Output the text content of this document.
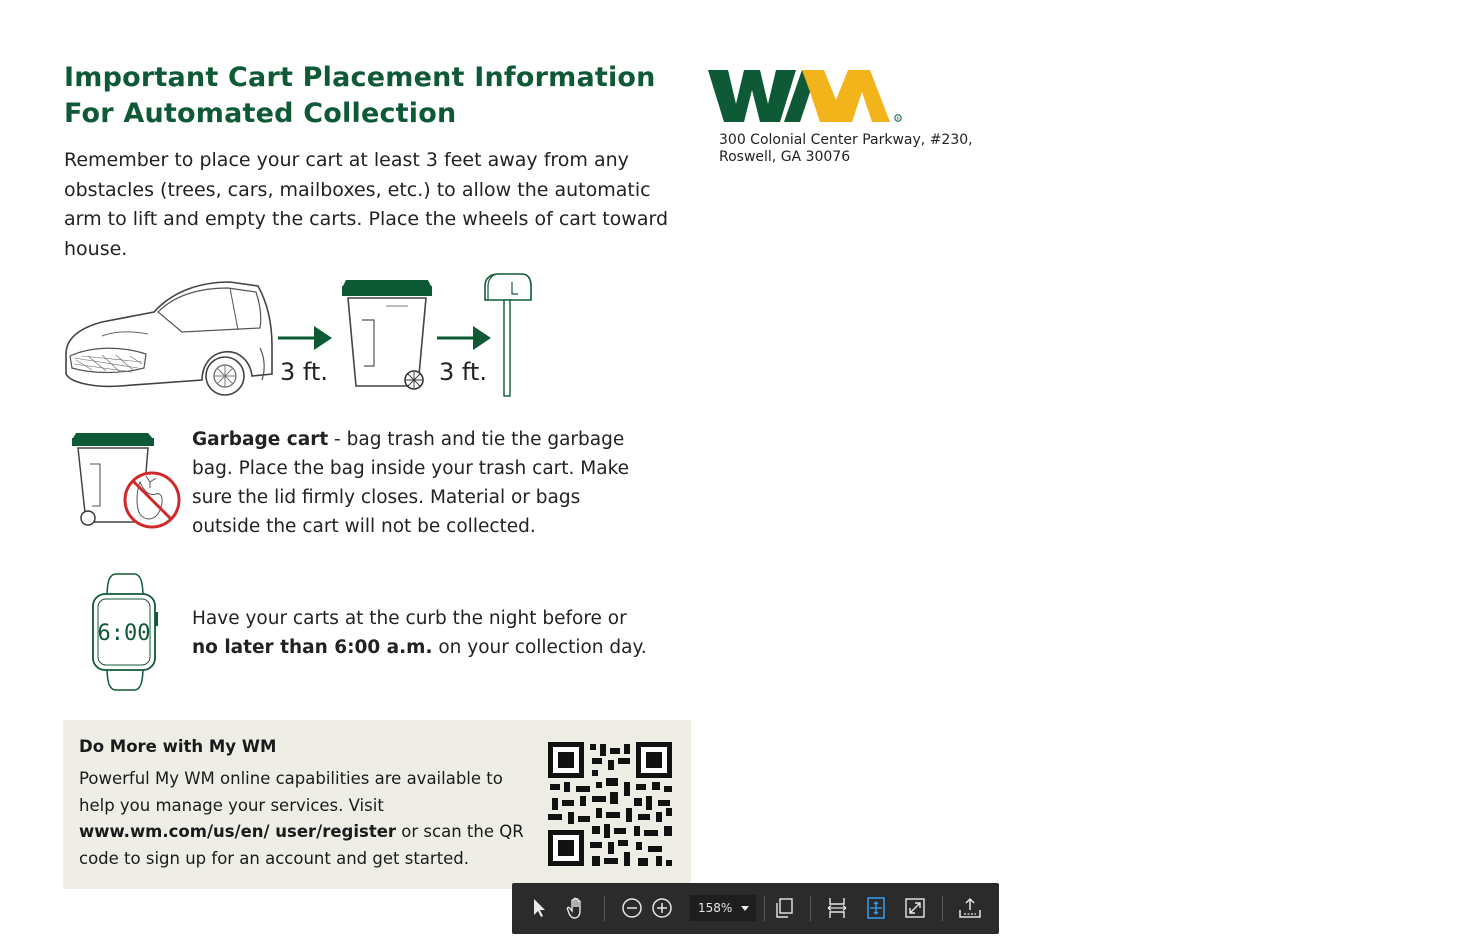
Important Cart Placement Information
For Automated Collection
Remember to place your cart at least 3 feet away from any obstacles (trees, cars, mailboxes, etc.) to allow the automatic arm to lift and empty the carts. Place the wheels of cart toward house.
3 ft.	3 ft.
Garbage cart - bag trash and tie the garbage bag. Place the bag inside your trash cart. Make sure the lid firmly closes. Material or bags outside the cart will not be collected.
6:00
Have your carts at the curb the night before or
no later than 6:00 a.m. on your collection day.
Do More with My WM
Powerful My WM online capabilities are available to help you manage your services. Visit www.wm.com/us/en/ user/register or scan the QR code to sign up for an account and get started.
®
300 Colonial Center Parkway, #230,
Roswell, GA 30076
158%
